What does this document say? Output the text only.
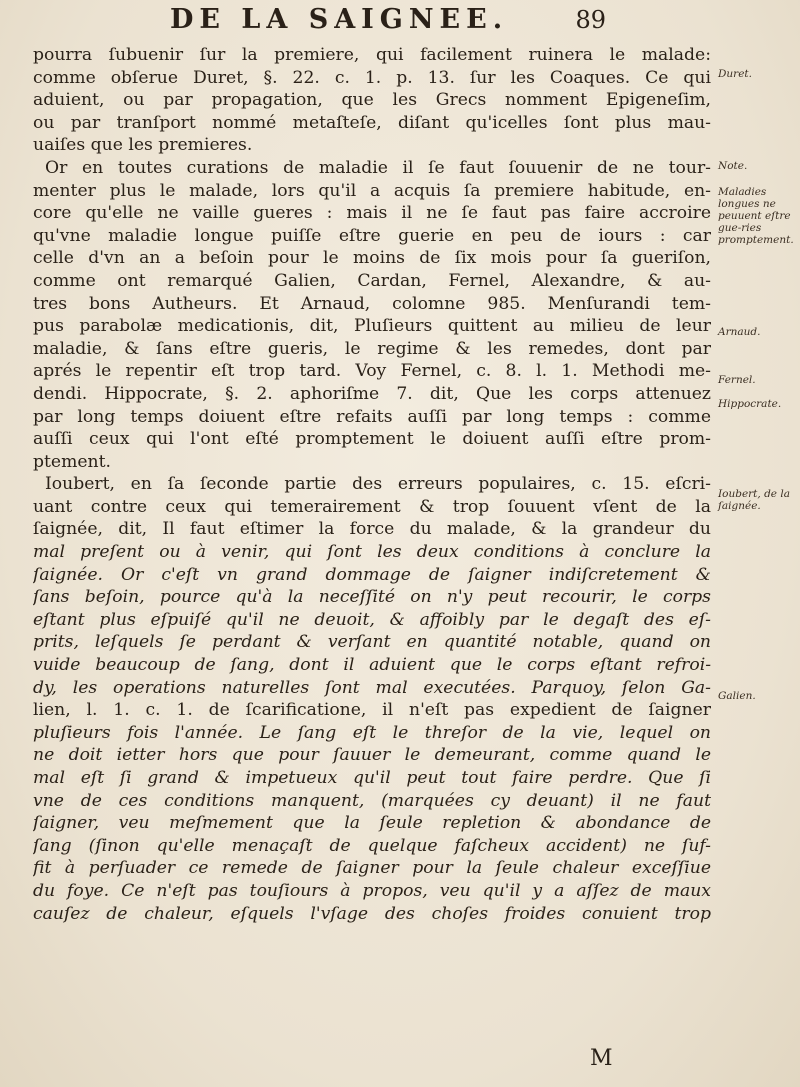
DE LA SAIGNEE.	89
pourra ſubuenir ſur la premiere, qui facilement ruinera le malade:
comme obſerue Duret, §. 22. c. 1. p. 13. ſur les Coaques. Ce qui
aduient, ou par propagation, que les Grecs nomment Epigeneſim,
ou par tranſport nommé metaſteſe, diſant qu'icelles ſont plus mau-
uaiſes que les premieres.
Or en toutes curations de maladie il ſe faut ſouuenir de ne tour-
menter plus le malade, lors qu'il a acquis ſa premiere habitude, en-
core qu'elle ne vaille gueres : mais il ne ſe faut pas faire accroire
qu'vne maladie longue puiſſe eſtre guerie en peu de iours : car
celle d'vn an a beſoin pour le moins de ſix mois pour ſa gueriſon,
comme ont remarqué Galien, Cardan, Fernel, Alexandre, & au-
tres bons Autheurs. Et Arnaud, colomne 985. Menſurandi tem-
pus parabolæ medicationis, dit, Pluſieurs quittent au milieu de leur
maladie, & ſans eſtre gueris, le regime & les remedes, dont par
aprés le repentir eſt trop tard. Voy Fernel, c. 8. l. 1. Methodi me-
dendi. Hippocrate, §. 2. aphoriſme 7. dit, Que les corps attenuez
par long temps doiuent eſtre refaits auſſi par long temps : comme
auſſi ceux qui l'ont eſté promptement le doiuent auſſi eſtre prom-
ptement.
Ioubert, en ſa ſeconde partie des erreurs populaires, c. 15. eſcri-
uant contre ceux qui temerairement & trop ſouuent vſent de la
ſaignée, dit, Il faut eſtimer la force du malade, & la grandeur du
mal preſent ou à venir, qui ſont les deux conditions à conclure la
ſaignée. Or c'eſt vn grand dommage de ſaigner indiſcretement &
ſans beſoin, pource qu'à la neceſſité on n'y peut recourir, le corps
eſtant plus eſpuiſé qu'il ne deuoit, & affoibly par le degaſt des eſ-
prits, leſquels ſe perdant & verſant en quantité notable, quand on
vuide beaucoup de ſang, dont il aduient que le corps eſtant refroi-
dy, les operations naturelles ſont mal executées. Parquoy, ſelon Ga-
lien, l. 1. c. 1. de ſcarificatione, il n'eſt pas expedient de ſaigner
pluſieurs fois l'année. Le ſang eſt le threſor de la vie, lequel on
ne doit ietter hors que pour ſauuer le demeurant, comme quand le
mal eſt ſi grand & impetueux qu'il peut tout faire perdre. Que ſi
vne de ces conditions manquent, (marquées cy deuant) il ne faut
ſaigner, veu meſmement que la ſeule repletion & abondance de
ſang (ſinon qu'elle menaçaſt de quelque faſcheux accident) ne ſuf-
fit à perſuader ce remede de ſaigner pour la ſeule chaleur exceſſiue
du foye. Ce n'eſt pas touſiours à propos, veu qu'il y a aſſez de maux
cauſez de chaleur, eſquels l'vſage des choſes froides conuient trop
Duret.
Note.
Maladies longues ne peuuent eſtre gue-ries promptement.
Arnaud.
Fernel.
Hippocrate.
Ioubert, de la ſaignée.
Galien.
M
